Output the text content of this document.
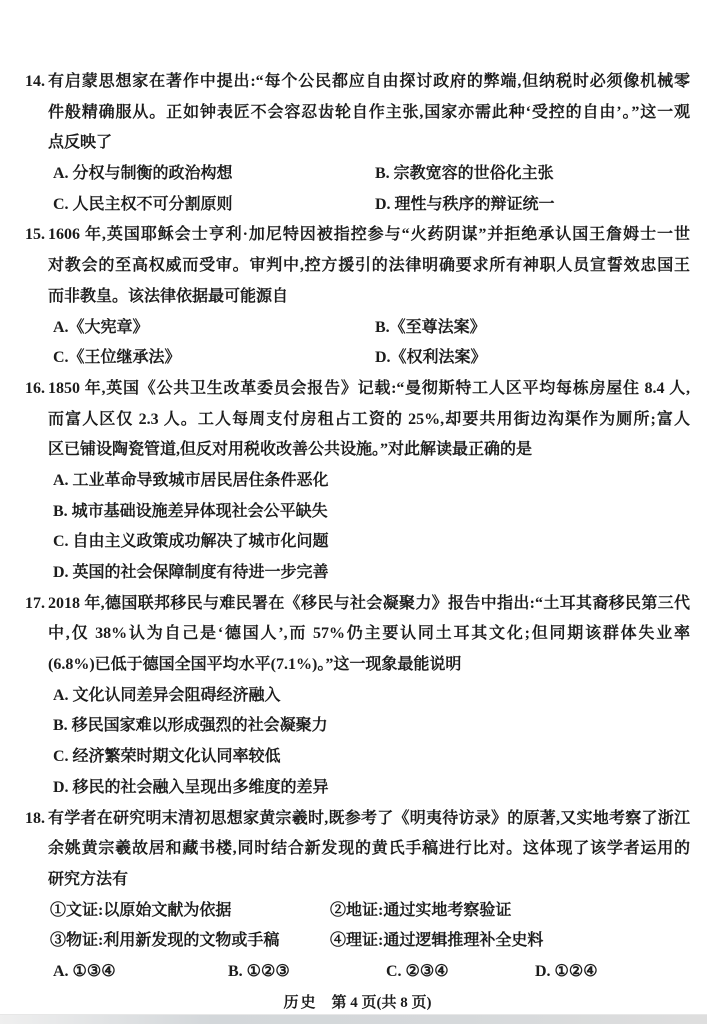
14. 有启蒙思想家在著作中提出:“每个公民都应自由探讨政府的弊端,但纳税时必须像机械零
件般精确服从。正如钟表匠不会容忍齿轮自作主张,国家亦需此种‘受控的自由’。”这一观
点反映了
A. 分权与制衡的政治构想	B. 宗教宽容的世俗化主张
C. 人民主权不可分割原则	D. 理性与秩序的辩证统一
15. 1606 年,英国耶稣会士亨利·加尼特因被指控参与“火药阴谋”并拒绝承认国王詹姆士一世
对教会的至高权威而受审。审判中,控方援引的法律明确要求所有神职人员宣誓效忠国王
而非教皇。该法律依据最可能源自
A.《大宪章》	B.《至尊法案》
C.《王位继承法》	D.《权利法案》
16. 1850 年,英国《公共卫生改革委员会报告》记载:“曼彻斯特工人区平均每栋房屋住 8.4 人,
而富人区仅 2.3 人。工人每周支付房租占工资的 25%,却要共用街边沟渠作为厕所;富人
区已铺设陶瓷管道,但反对用税收改善公共设施。”对此解读最正确的是
A. 工业革命导致城市居民居住条件恶化
B. 城市基础设施差异体现社会公平缺失
C. 自由主义政策成功解决了城市化问题
D. 英国的社会保障制度有待进一步完善
17. 2018 年,德国联邦移民与难民署在《移民与社会凝聚力》报告中指出:“土耳其裔移民第三代
中,仅 38%认为自己是‘德国人’,而 57%仍主要认同土耳其文化;但同期该群体失业率
(6.8%)已低于德国全国平均水平(7.1%)。”这一现象最能说明
A. 文化认同差异会阻碍经济融入
B. 移民国家难以形成强烈的社会凝聚力
C. 经济繁荣时期文化认同率较低
D. 移民的社会融入呈现出多维度的差异
18. 有学者在研究明末清初思想家黄宗羲时,既参考了《明夷待访录》的原著,又实地考察了浙江
余姚黄宗羲故居和藏书楼,同时结合新发现的黄氏手稿进行比对。这体现了该学者运用的
研究方法有
①文证:以原始文献为依据	②地证:通过实地考察验证
③物证:利用新发现的文物或手稿	④理证:通过逻辑推理补全史料
A. ①③④	B. ①②③	C. ②③④	D. ①②④
历史 第 4 页(共 8 页)
